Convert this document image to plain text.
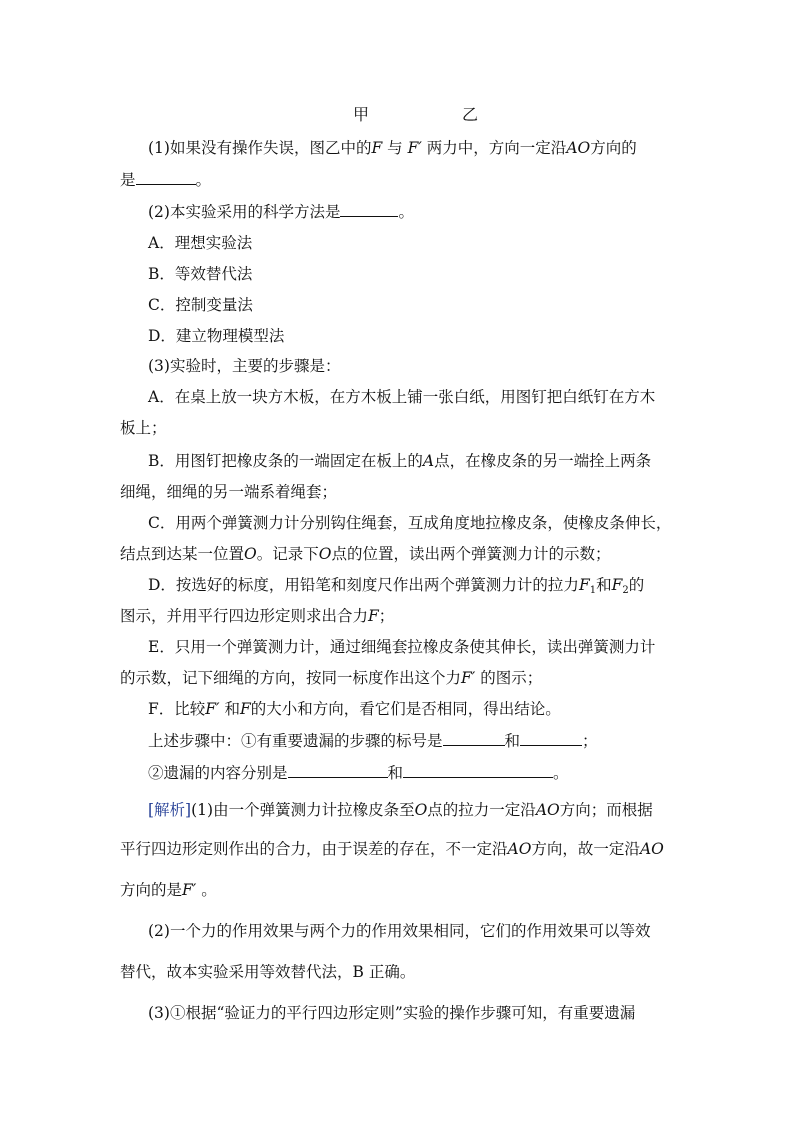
甲	乙
(1)如果没有操作失误，图乙中的F 与 F′ 两力中，方向一定沿AO方向的
是	。
(2)本实验采用的科学方法是	。
A．理想实验法
B．等效替代法
C．控制变量法
D．建立物理模型法
(3)实验时，主要的步骤是：
A．在桌上放一块方木板，在方木板上铺一张白纸，用图钉把白纸钉在方木
板上；
B．用图钉把橡皮条的一端固定在板上的A点，在橡皮条的另一端拴上两条
细绳，细绳的另一端系着绳套；
C．用两个弹簧测力计分别钩住绳套，互成角度地拉橡皮条，使橡皮条伸长，
结点到达某一位置O。记录下O点的位置，读出两个弹簧测力计的示数；
D．按选好的标度，用铅笔和刻度尺作出两个弹簧测力计的拉力$F_1$和$F_2$的
图示，并用平行四边形定则求出合力F；
E．只用一个弹簧测力计，通过细绳套拉橡皮条使其伸长，读出弹簧测力计
的示数，记下细绳的方向，按同一标度作出这个力F′ 的图示；
F．比较F′ 和F的大小和方向，看它们是否相同，得出结论。
上述步骤中：①有重要遗漏的步骤的标号是	和	；
②遗漏的内容分别是	和	。
[解析](1)由一个弹簧测力计拉橡皮条至O点的拉力一定沿AO方向；而根据
平行四边形定则作出的合力，由于误差的存在，不一定沿AO方向，故一定沿AO
方向的是F′ 。
(2)一个力的作用效果与两个力的作用效果相同，它们的作用效果可以等效
替代，故本实验采用等效替代法，B 正确。
(3)①根据“验证力的平行四边形定则”实验的操作步骤可知，有重要遗漏
